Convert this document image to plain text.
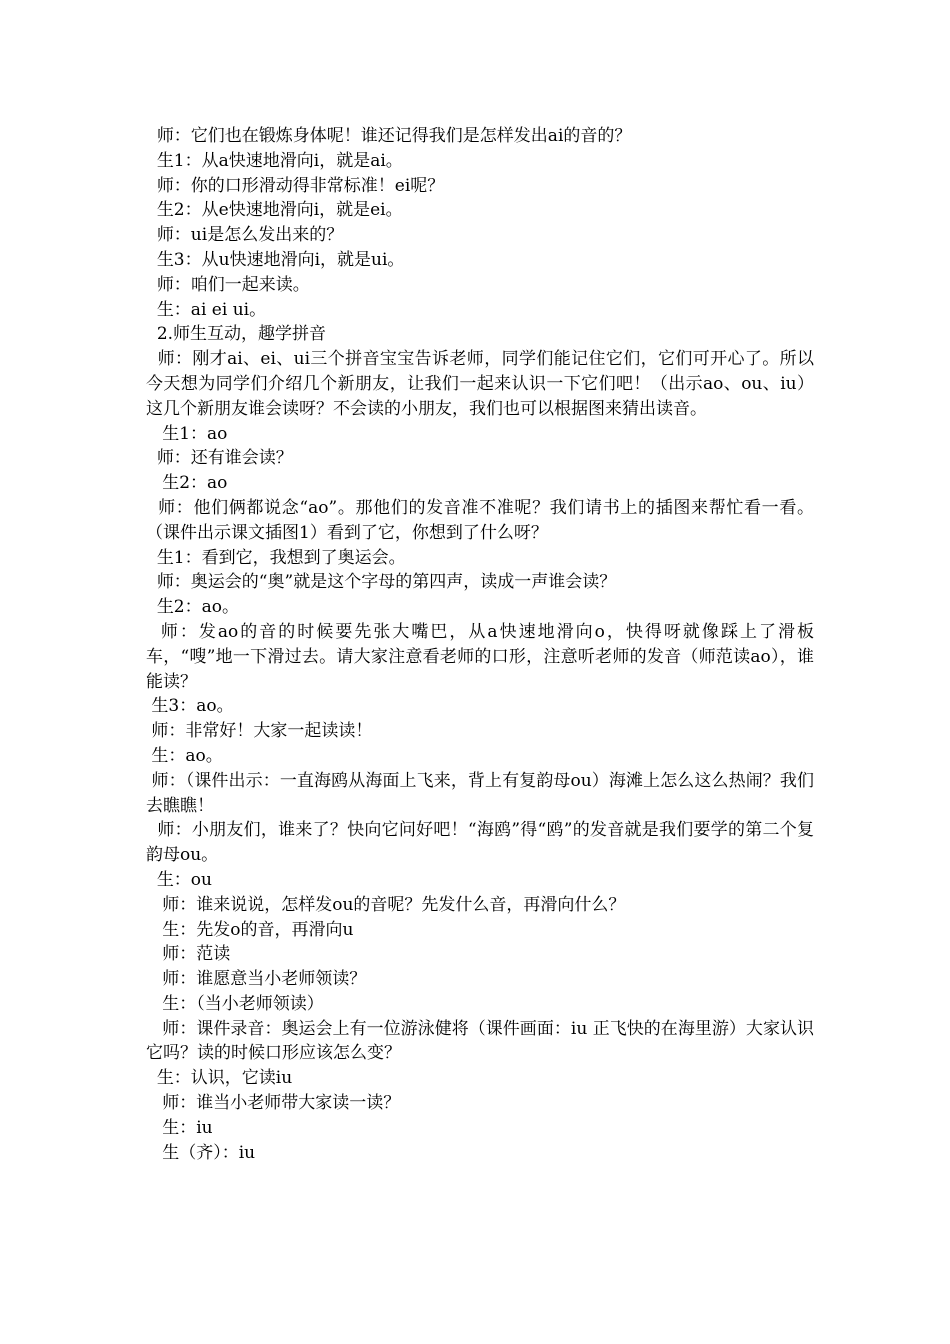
师：它们也在锻炼身体呢！谁还记得我们是怎样发出ai的音的？

生1：从a快速地滑向i，就是ai。

师：你的口形滑动得非常标准！ei呢？

生2：从e快速地滑向i，就是ei。

师：ui是怎么发出来的？

生3：从u快速地滑向i，就是ui。

师：咱们一起来读。

生：ai ei ui。

2.师生互动，趣学拼音

师：刚才ai、ei、ui三个拼音宝宝告诉老师，同学们能记住它们，它们可开心了。所以今天想为同学们介绍几个新朋友，让我们一起来认识一下它们吧！（出示ao、ou、iu）这几个新朋友谁会读呀？不会读的小朋友，我们也可以根据图来猜出读音。

生1：ao

师：还有谁会读？

生2：ao

师：他们俩都说念“ao”。那他们的发音准不准呢？我们请书上的插图来帮忙看一看。（课件出示课文插图1）看到了它，你想到了什么呀？

生1：看到它，我想到了奥运会。

师：奥运会的“奥”就是这个字母的第四声，读成一声谁会读？

生2：ao。

师：发ao的音的时候要先张大嘴巴，从a快速地滑向o，快得呀就像踩上了滑板车，“嗖”地一下滑过去。请大家注意看老师的口形，注意听老师的发音（师范读ao），谁能读？

生3：ao。

师：非常好！大家一起读读！

生：ao。

师：（课件出示：一直海鸥从海面上飞来，背上有复韵母ou）海滩上怎么这么热闹？我们去瞧瞧！

师：小朋友们，谁来了？快向它问好吧！“海鸥”得“鸥”的发音就是我们要学的第二个复韵母ou。

生：ou

师：谁来说说，怎样发ou的音呢？先发什么音，再滑向什么？

生：先发o的音，再滑向u

师：范读

师：谁愿意当小老师领读？

生：（当小老师领读）

师：课件录音：奥运会上有一位游泳健将（课件画面：iu 正飞快的在海里游）大家认识它吗？读的时候口形应该怎么变？

生：认识，它读iu

师：谁当小老师带大家读一读？

生：iu

生（齐）：iu
